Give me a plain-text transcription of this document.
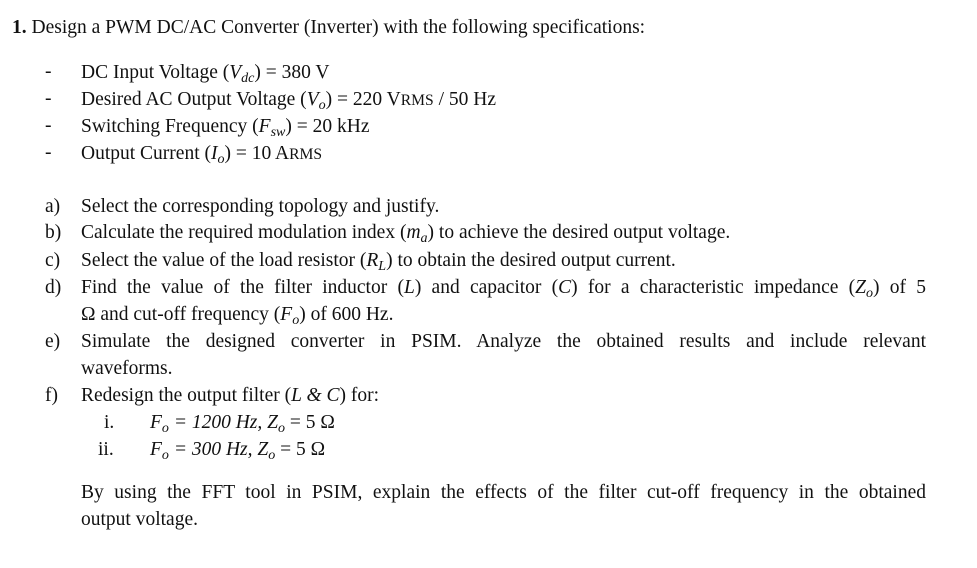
1. Design a PWM DC/AC Converter (Inverter) with the following specifications:
- DC Input Voltage $(V_{dc}) = 380$ V
- Desired AC Output Voltage $(V_o) = 220$ VRMS / 50 Hz
- Switching Frequency $(F_{sw}) = 20$ kHz
- Output Current $(I_o) = 10$ ARMS
a) Select the corresponding topology and justify.
b) Calculate the required modulation index $(m_a)$ to achieve the desired output voltage.
c) Select the value of the load resistor $(R_L)$ to obtain the desired output current.
d) Find the value of the filter inductor (L) and capacitor (C) for a characteristic impedance $(Z_o)$ of 5
Ω and cut-off frequency $(F_o)$ of 600 Hz.
e) Simulate the designed converter in PSIM. Analyze the obtained results and include relevant
waveforms.
f) Redesign the output filter (L & C) for:
i. $F_o = 1200$ Hz, $Z_o = 5$ Ω
ii. $F_o = 300$ Hz, $Z_o = 5$ Ω
By using the FFT tool in PSIM, explain the effects of the filter cut-off frequency in the obtained
output voltage.
